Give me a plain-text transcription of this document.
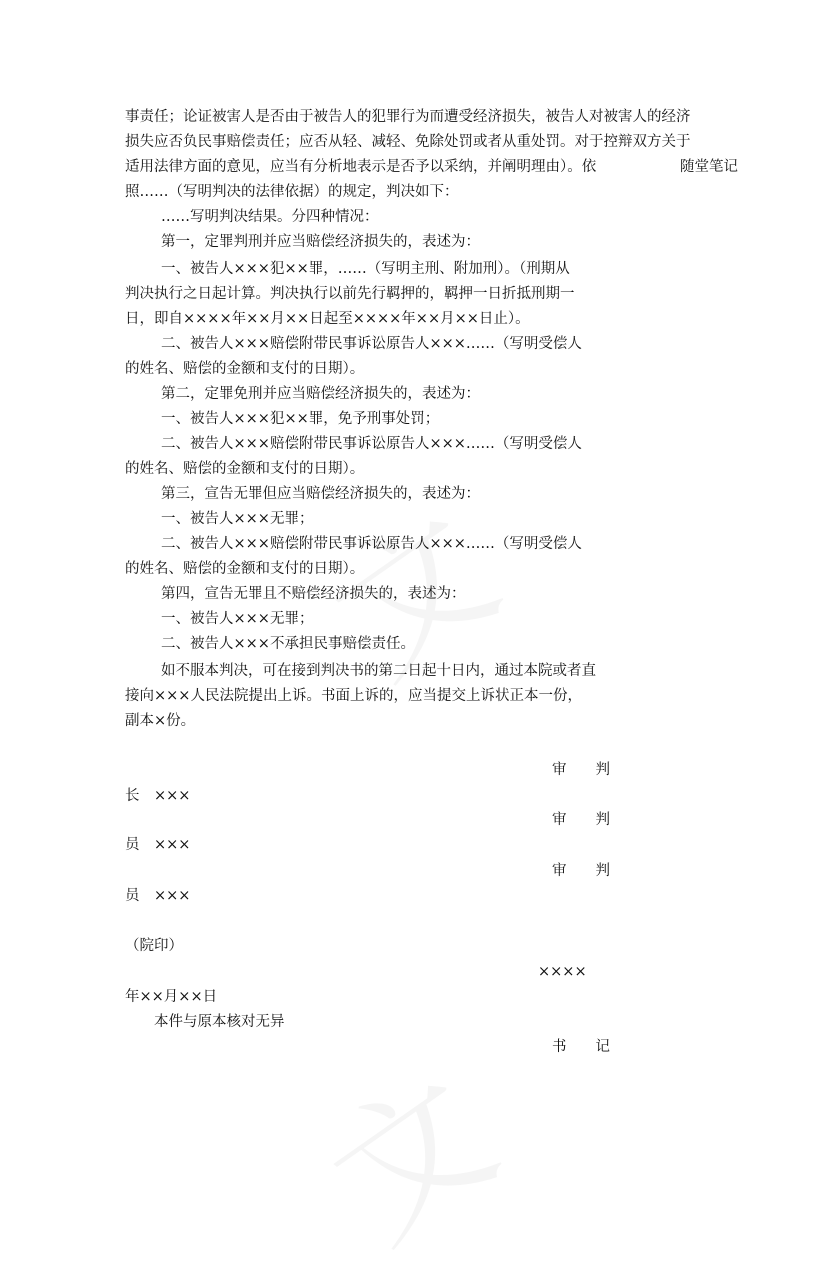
随堂笔记
事责任；论证被害人是否由于被告人的犯罪行为而遭受经济损失，被告人对被害人的经济
损失应否负民事赔偿责任；应否从轻、减轻、免除处罚或者从重处罚。对于控辩双方关于
适用法律方面的意见，应当有分析地表示是否予以采纳，并阐明理由）。依
照……（写明判决的法律依据）的规定，判决如下：
……写明判决结果。分四种情况：
第一，定罪判刑并应当赔偿经济损失的，表述为：
一、被告人×××犯××罪，……（写明主刑、附加刑）。（刑期从
判决执行之日起计算。判决执行以前先行羁押的，羁押一日折抵刑期一
日，即自××××年××月××日起至××××年××月××日止）。
二、被告人×××赔偿附带民事诉讼原告人×××……（写明受偿人
的姓名、赔偿的金额和支付的日期）。
第二，定罪免刑并应当赔偿经济损失的，表述为：
一、被告人×××犯××罪，免予刑事处罚；
二、被告人×××赔偿附带民事诉讼原告人×××……（写明受偿人
的姓名、赔偿的金额和支付的日期）。
第三，宣告无罪但应当赔偿经济损失的，表述为：
一、被告人×××无罪；
二、被告人×××赔偿附带民事诉讼原告人×××……（写明受偿人
的姓名、赔偿的金额和支付的日期）。
第四，宣告无罪且不赔偿经济损失的，表述为：
一、被告人×××无罪；
二、被告人×××不承担民事赔偿责任。
如不服本判决，可在接到判决书的第二日起十日内，通过本院或者直
接向×××人民法院提出上诉。书面上诉的，应当提交上诉状正本一份，
副本×份。
审　　判
长　×××
审　　判
员　×××
审　　判
员　×××
（院印）
××××
年××月××日
本件与原本核对无异
书　　记
